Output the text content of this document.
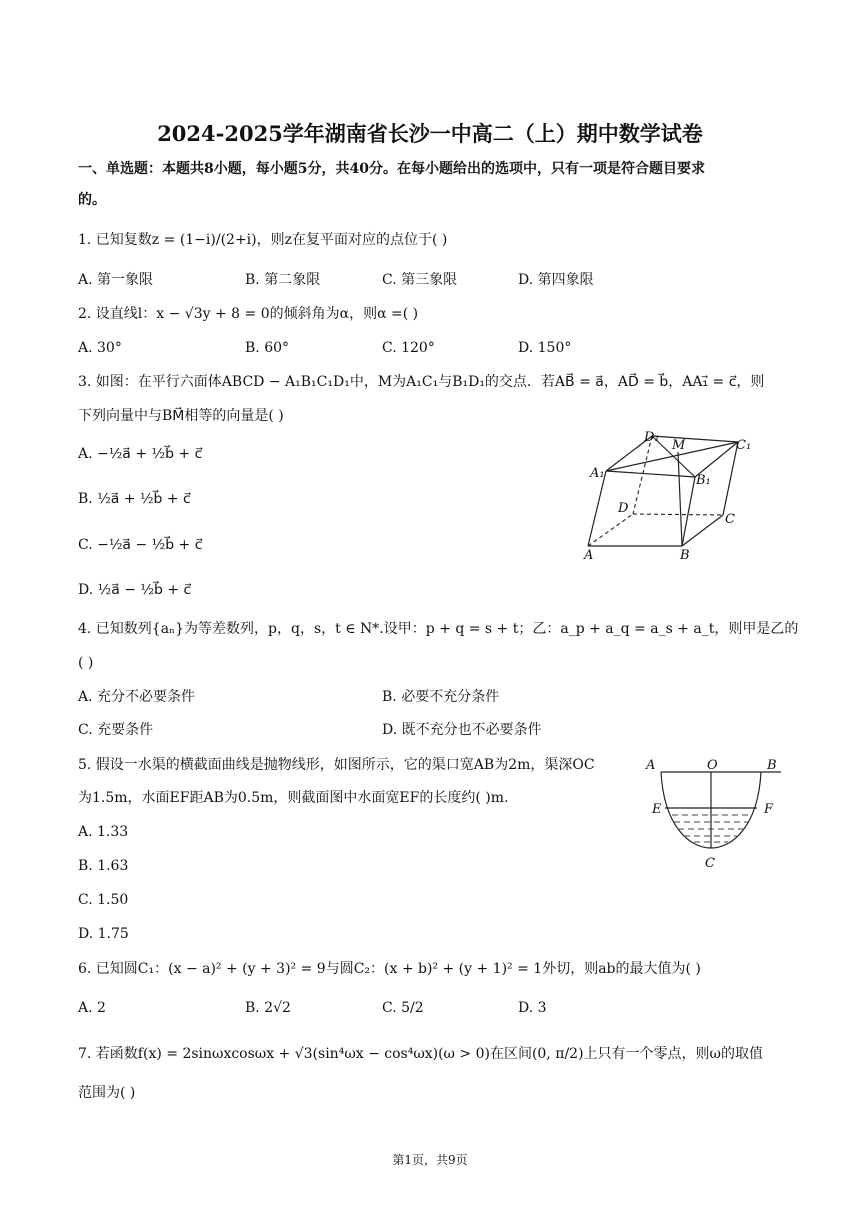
2024-2025学年湖南省长沙一中高二（上）期中数学试卷
一、单选题：本题共8小题，每小题5分，共40分。在每小题给出的选项中，只有一项是符合题目要求
的。
1. 已知复数z = (1−i)/(2+i)，则z在复平面对应的点位于( )
A. 第一象限	B. 第二象限	C. 第三象限	D. 第四象限
2. 设直线l：x − √3y + 8 = 0的倾斜角为α，则α =( )
A. 30°	B. 60°	C. 120°	D. 150°
3. 如图：在平行六面体ABCD − A₁B₁C₁D₁中，M为A₁C₁与B₁D₁的交点．若AB⃗ = a⃗，AD⃗ = b⃗，AA₁⃗ = c⃗，则
下列向量中与BM⃗相等的向量是( )
A. −½a⃗ + ½b⃗ + c⃗
B. ½a⃗ + ½b⃗ + c⃗
C. −½a⃗ − ½b⃗ + c⃗
D. ½a⃗ − ½b⃗ + c⃗
D₁
M	C₁
A₁	B₁
D
C
A	B
4. 已知数列{aₙ}为等差数列，p，q，s，t ∈ N*.设甲：p + q = s + t；乙：a_p + a_q = a_s + a_t，则甲是乙的
( )
A. 充分不必要条件	B. 必要不充分条件
C. 充要条件	D. 既不充分也不必要条件
5. 假设一水渠的横截面曲线是抛物线形，如图所示，它的渠口宽AB为2m，渠深OC
为1.5m，水面EF距AB为0.5m，则截面图中水面宽EF的长度约( )m.
A. 1.33
B. 1.63
C. 1.50
D. 1.75
A	O	B
E	F
C
6. 已知圆C₁：(x − a)² + (y + 3)² = 9与圆C₂：(x + b)² + (y + 1)² = 1外切，则ab的最大值为( )
A. 2	B. 2√2	C. 5/2	D. 3
7. 若函数f(x) = 2sinωxcosωx + √3(sin⁴ωx − cos⁴ωx)(ω > 0)在区间(0, π/2)上只有一个零点，则ω的取值
范围为( )
第1页，共9页
